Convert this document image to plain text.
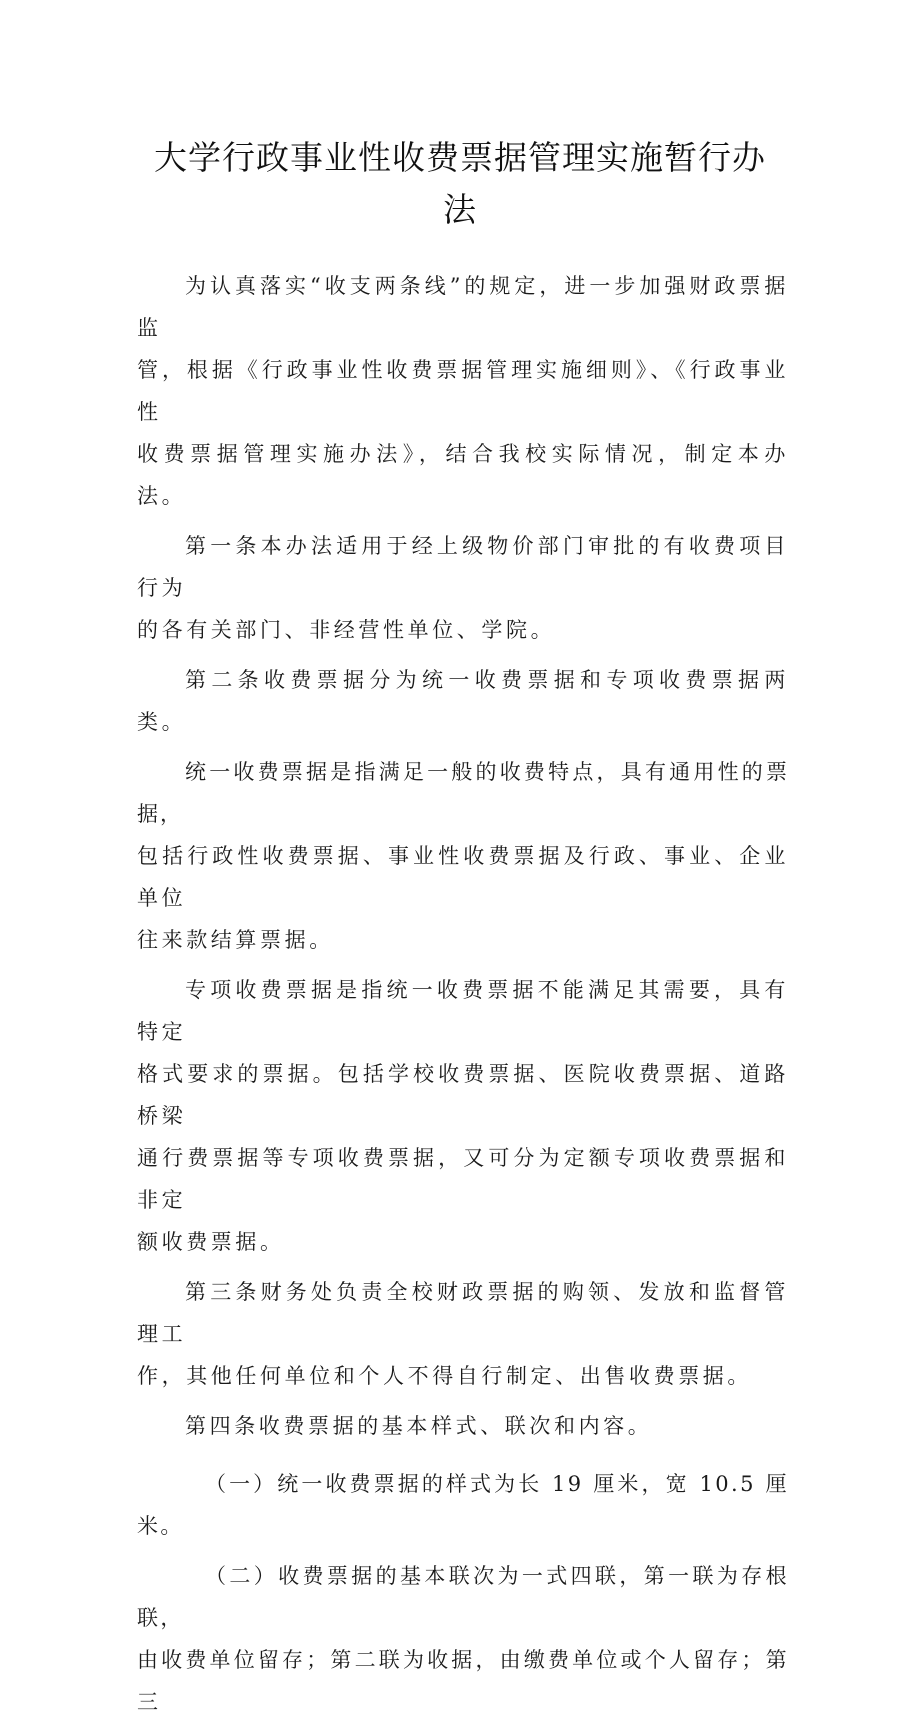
大学行政事业性收费票据管理实施暂行办
法

为认真落实“收支两条线”的规定，进一步加强财政票据监
管，根据《行政事业性收费票据管理实施细则》、《行政事业性
收费票据管理实施办法》，结合我校实际情况，制定本办法。

第一条本办法适用于经上级物价部门审批的有收费项目行为
的各有关部门、非经营性单位、学院。

第二条收费票据分为统一收费票据和专项收费票据两类。

统一收费票据是指满足一般的收费特点，具有通用性的票据，
包括行政性收费票据、事业性收费票据及行政、事业、企业单位
往来款结算票据。

专项收费票据是指统一收费票据不能满足其需要，具有特定
格式要求的票据。包括学校收费票据、医院收费票据、道路桥梁
通行费票据等专项收费票据，又可分为定额专项收费票据和非定
额收费票据。

第三条财务处负责全校财政票据的购领、发放和监督管理工
作，其他任何单位和个人不得自行制定、出售收费票据。

第四条收费票据的基本样式、联次和内容。

（一）统一收费票据的样式为长 19 厘米，宽 10.5 厘米。

（二）收费票据的基本联次为一式四联，第一联为存根联，
由收费单位留存；第二联为收据，由缴费单位或个人留存；第三
